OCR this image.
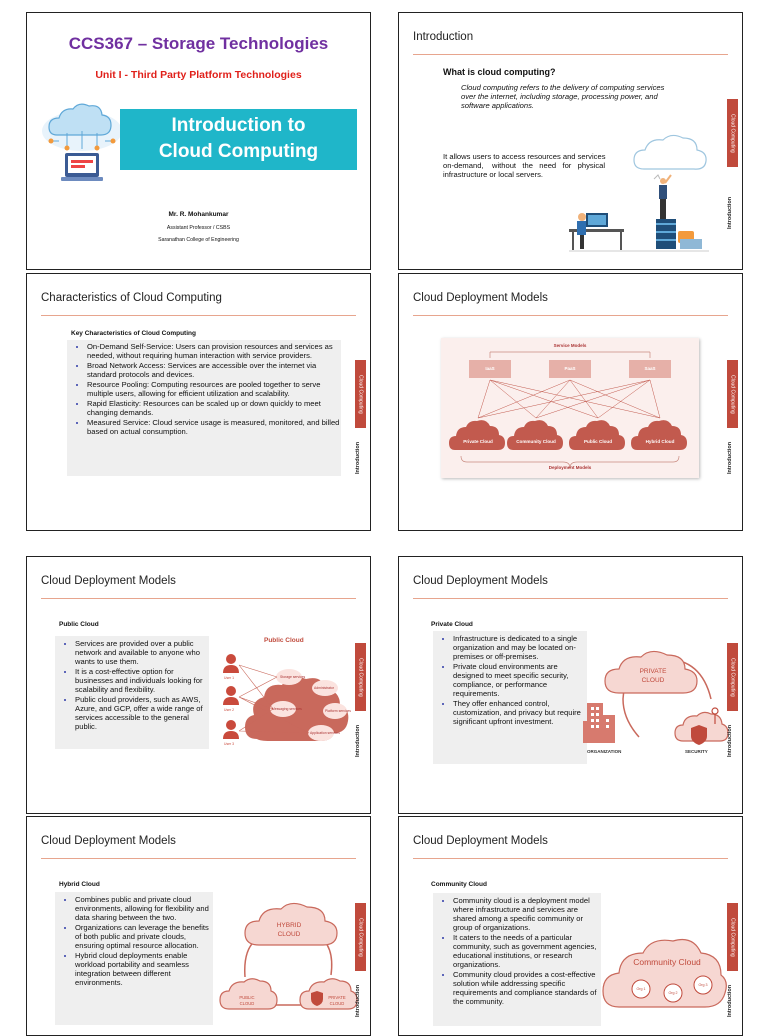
CCS367 – Storage Technologies
Unit I - Third Party Platform Technologies
Introduction to
Cloud Computing
Mr. R. Mohankumar
Assistant Professor / CSBS
Saranathan College of Engineering
Introduction
What is cloud computing?
Cloud computing refers to the delivery of computing services over the internet, including storage, processing power, and software applications.
It allows users to access resources and services
on-demand,    without   the   need   for   physical
infrastructure or local servers.
Cloud Computing
Introduction
Characteristics of Cloud Computing
Key Characteristics of Cloud Computing
• On-Demand Self-Service: Users can provision resources and services as needed, without requiring human interaction with service providers.
• Broad Network Access: Services are accessible over the internet via standard protocols and devices.
• Resource Pooling: Computing resources are pooled together to serve multiple users, allowing for efficient utilization and scalability.
• Rapid Elasticity: Resources can be scaled up or down quickly to meet changing demands.
• Measured Service: Cloud service usage is measured, monitored, and billed based on actual consumption.
Cloud Computing
Introduction
Cloud Deployment Models
Service Models
IaaS	PaaS	SaaS
Private Cloud	Community Cloud	Public Cloud	Hybrid Cloud
Deployment Models
Cloud Computing
Introduction
Cloud Deployment Models
Public Cloud
• Services are provided over a public network and available to anyone who wants to use them.
• It is a cost-effective option for businesses and individuals looking for scalability and flexibility.
• Public cloud providers, such as AWS, Azure, and GCP, offer a wide range of services accessible to the general public.
Public Cloud
User 1
User 2
User 3
Storage services
Administrator
Platform services
Messaging services
Application services
Cloud Computing
Introduction
Cloud Deployment Models
Private Cloud
• Infrastructure is dedicated to a single organization and may be located on-premises or off-premises.
• Private cloud environments are designed to meet specific security, compliance, or performance requirements.
• They offer enhanced control, customization, and privacy but require significant upfront investment.
PRIVATE
CLOUD
ORGANIZATION	SECURITY
Cloud Computing
Introduction
Cloud Deployment Models
Hybrid Cloud
• Combines public and private cloud environments, allowing for flexibility and data sharing between the two.
• Organizations can leverage the benefits of both public and private clouds, ensuring optimal resource allocation.
• Hybrid cloud deployments enable workload portability and seamless integration between different environments.
HYBRID
CLOUD
PUBLIC
CLOUD
PRIVATE
CLOUD
Cloud Computing
Introduction
Cloud Deployment Models
Community Cloud
• Community cloud is a deployment model where infrastructure and services are shared among a specific community or group of organizations.
• It caters to the needs of a particular community, such as government agencies, educational institutions, or research organizations.
• Community cloud provides a cost-effective solution while addressing specific requirements and compliance standards of the community.
Community Cloud
Org 1
Org 2
Org 3
Cloud Computing
Introduction
